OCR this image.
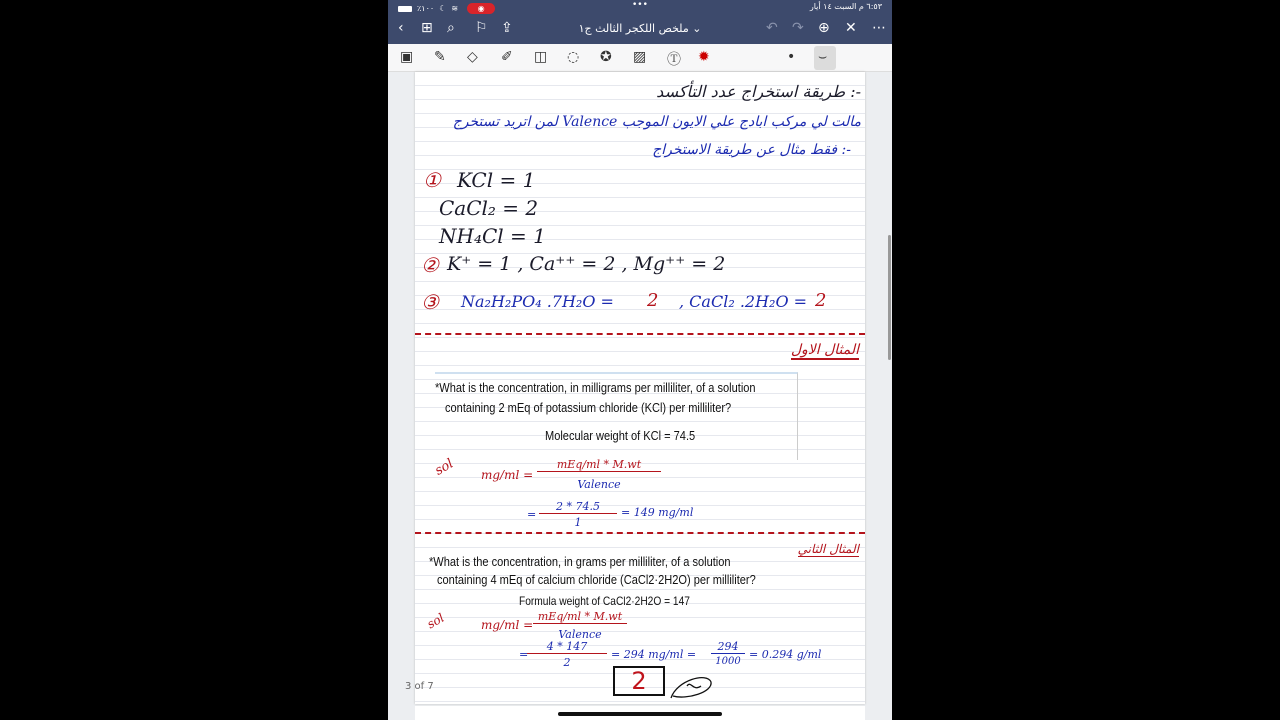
٪١٠٠ ☾ ≋	◉	•••	٦:٥٣ م السبت ١٤ أيار
‹ ⊞ ⌕ ⚐ ⇪	ملخص اللكجر الثالث ج١ ⌄	↶ ↷ ⊕ ✕ ⋯
▣ ✎ ◇ ✐ ◫ ◌ ✪ ▨ Ⓣ ✹	• ⌣
طريقة استخراج عدد التأكسد :-
لمن اتريد تستخرج Valence مالت لي مركب ابادج علي الايون الموجب
فقط مثال عن طريقة الاستخراج :-
① KCl = 1
CaCl₂ = 2
NH₄Cl = 1
② K⁺ = 1 , Ca⁺⁺ = 2 , Mg⁺⁺ = 2
③ Na₂H₂PO₄ .7H₂O = 2 , CaCl₂ .2H₂O = 2
المثال الاول
*What is the concentration, in milligrams per milliliter, of a solution
containing 2 mEq of potassium chloride (KCl) per milliliter?
Molecular weight of KCl = 74.5
sol mg/ml =
mEq/ml * M.wt
Valence
=
2 * 74.5
1
= 149 mg/ml
المثال الثاني
*What is the concentration, in grams per milliliter, of a solution
containing 4 mEq of calcium chloride (CaCl2·2H2O) per milliliter?
Formula weight of CaCl2·2H2O = 147
sol	mg/ml =
mEq/ml * M.wt
Valence
=
4 * 147
2
= 294 mg/ml =
294
1000
= 0.294 g/ml
2
3 of 7
